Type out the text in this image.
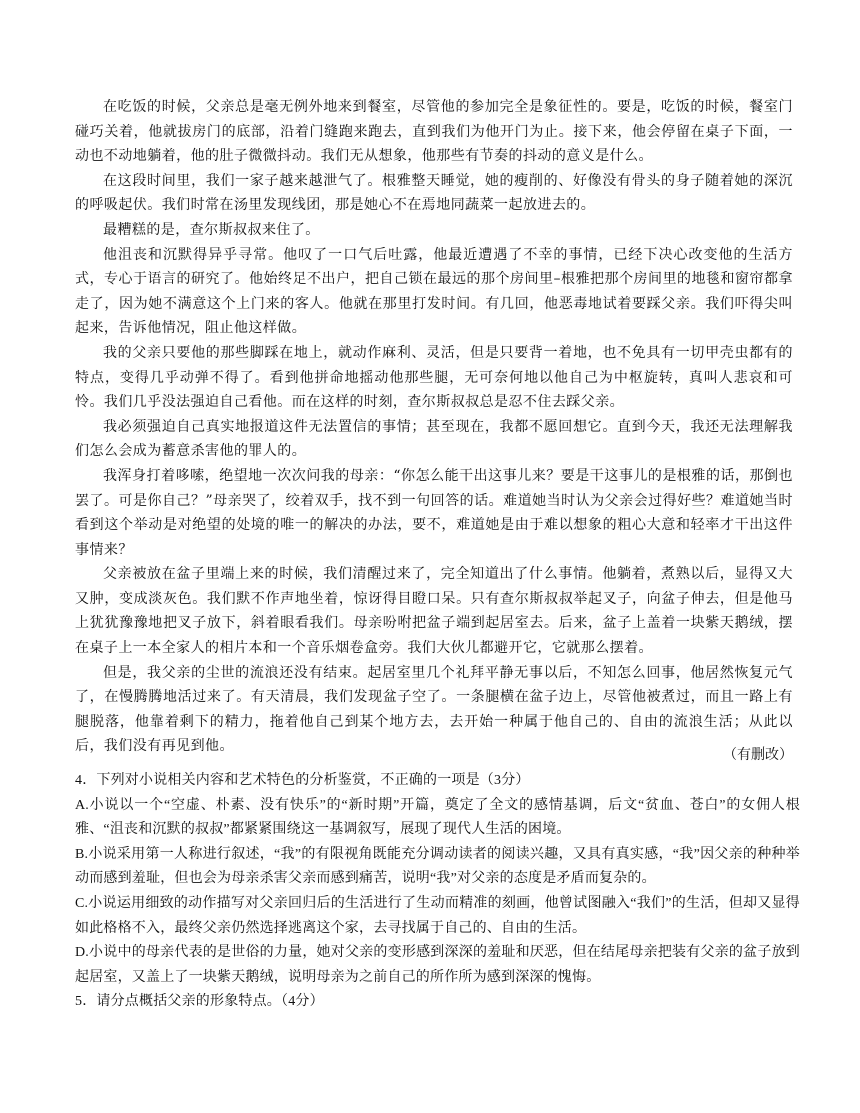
在吃饭的时候，父亲总是毫无例外地来到餐室，尽管他的参加完全是象征性的。要是，吃饭的时候，餐室门碰巧关着，他就拔房门的底部，沿着门缝跑来跑去，直到我们为他开门为止。接下来，他会停留在桌子下面，一动也不动地躺着，他的肚子微微抖动。我们无从想象，他那些有节奏的抖动的意义是什么。

在这段时间里，我们一家子越来越泄气了。根雅整天睡觉，她的瘦削的、好像没有骨头的身子随着她的深沉的呼吸起伏。我们时常在汤里发现线团，那是她心不在焉地同蔬菜一起放进去的。

最糟糕的是，查尔斯叔叔来住了。

他沮丧和沉默得异乎寻常。他叹了一口气后吐露，他最近遭遇了不幸的事情，已经下决心改变他的生活方式，专心于语言的研究了。他始终足不出户，把自己锁在最远的那个房间里–根雅把那个房间里的地毯和窗帘都拿走了，因为她不满意这个上门来的客人。他就在那里打发时间。有几回，他恶毒地试着要踩父亲。我们吓得尖叫起来，告诉他情况，阻止他这样做。

我的父亲只要他的那些脚踩在地上，就动作麻利、灵活，但是只要背一着地，也不免具有一切甲壳虫都有的特点，变得几乎动弹不得了。看到他拼命地摇动他那些腿，无可奈何地以他自己为中枢旋转，真叫人悲哀和可怜。我们几乎没法强迫自己看他。而在这样的时刻，查尔斯叔叔总是忍不住去踩父亲。

我必须强迫自己真实地报道这件无法置信的事情；甚至现在，我都不愿回想它。直到今天，我还无法理解我们怎么会成为蓄意杀害他的罪人的。

我浑身打着哆嗦，绝望地一次次问我的母亲：“你怎么能干出这事儿来？要是干这事儿的是根雅的话，那倒也罢了。可是你自己？”母亲哭了，绞着双手，找不到一句回答的话。难道她当时认为父亲会过得好些？难道她当时看到这个举动是对绝望的处境的唯一的解决的办法，要不，难道她是由于难以想象的粗心大意和轻率才干出这件事情来？

父亲被放在盆子里端上来的时候，我们清醒过来了，完全知道出了什么事情。他躺着，煮熟以后，显得又大又肿，变成淡灰色。我们默不作声地坐着，惊讶得目瞪口呆。只有查尔斯叔叔举起叉子，向盆子伸去，但是他马上犹犹豫豫地把叉子放下，斜着眼看我们。母亲吩咐把盆子端到起居室去。后来，盆子上盖着一块紫天鹅绒，摆在桌子上一本全家人的相片本和一个音乐烟卷盒旁。我们大伙儿都避开它，它就那么摆着。

但是，我父亲的尘世的流浪还没有结束。起居室里几个礼拜平静无事以后，不知怎么回事，他居然恢复元气了，在慢腾腾地活过来了。有天清晨，我们发现盆子空了。一条腿横在盆子边上，尽管他被煮过，而且一路上有腿脱落，他靠着剩下的精力，拖着他自己到某个地方去，去开始一种属于他自己的、自由的流浪生活；从此以后，我们没有再见到他。

（有删改）

4．下列对小说相关内容和艺术特色的分析鉴赏，不正确的一项是（3分）

A.小说以一个“空虚、朴素、没有快乐”的“新时期”开篇，奠定了全文的感情基调，后文“贫血、苍白”的女佣人根雅、“沮丧和沉默的叔叔”都紧紧围绕这一基调叙写，展现了现代人生活的困境。

B.小说采用第一人称进行叙述，“我”的有限视角既能充分调动读者的阅读兴趣，又具有真实感，“我”因父亲的种种举动而感到羞耻，但也会为母亲杀害父亲而感到痛苦，说明“我”对父亲的态度是矛盾而复杂的。

C.小说运用细致的动作描写对父亲回归后的生活进行了生动而精准的刻画，他曾试图融入“我们”的生活，但却又显得如此格格不入，最终父亲仍然选择逃离这个家，去寻找属于自己的、自由的生活。

D.小说中的母亲代表的是世俗的力量，她对父亲的变形感到深深的羞耻和厌恶，但在结尾母亲把装有父亲的盆子放到起居室，又盖上了一块紫天鹅绒，说明母亲为之前自己的所作所为感到深深的愧悔。

5．请分点概括父亲的形象特点。（4分）
